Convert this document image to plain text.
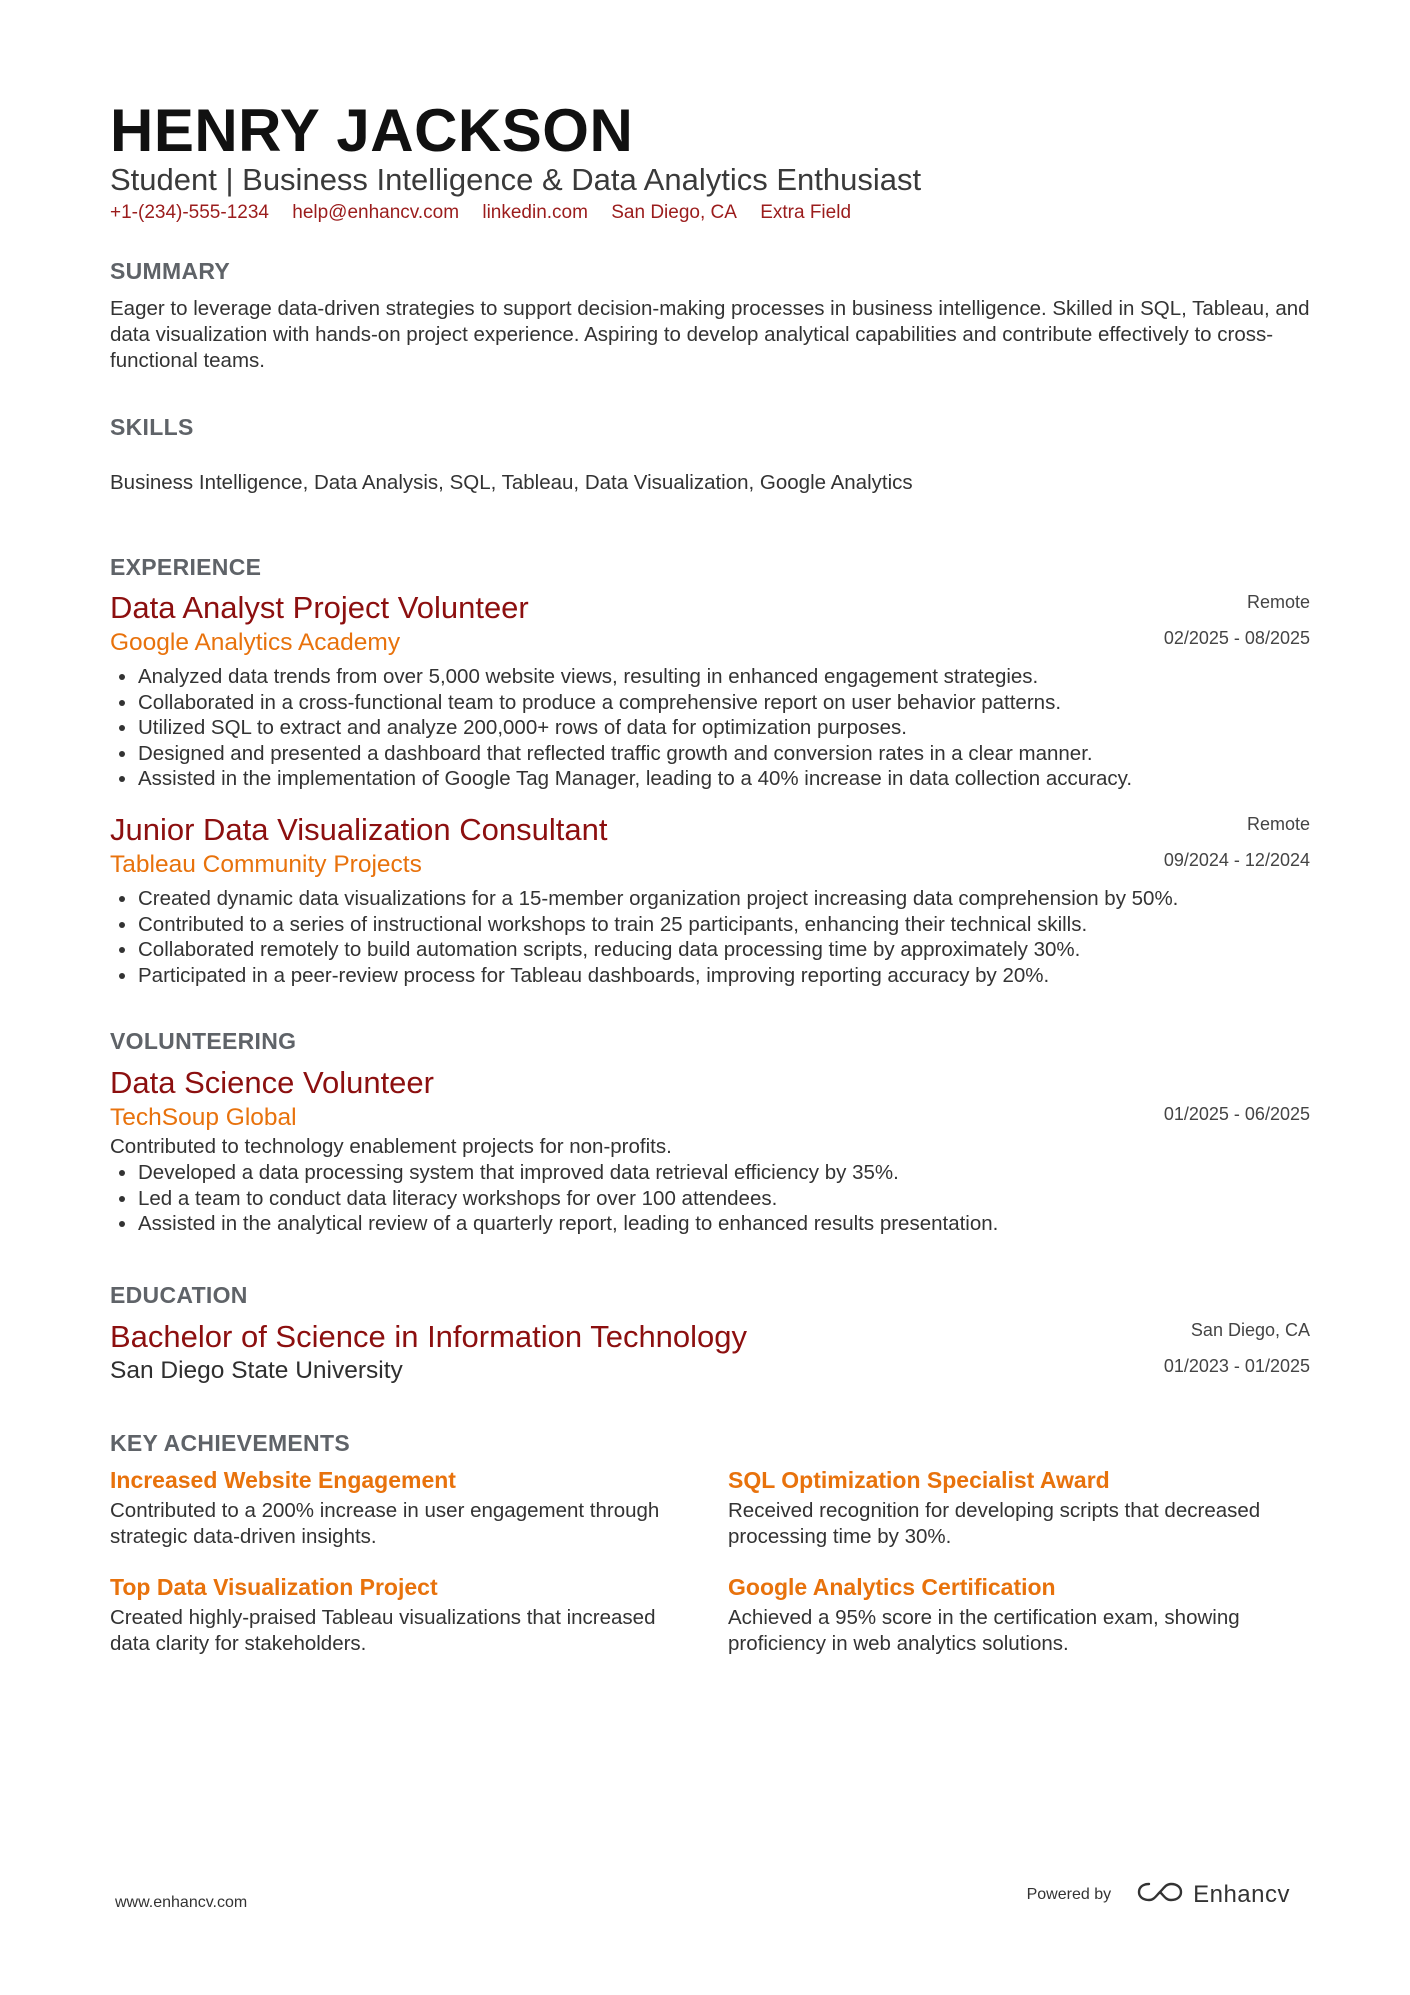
HENRY JACKSON
Student | Business Intelligence & Data Analytics Enthusiast
+1-(234)-555-1234 help@enhancv.com linkedin.com San Diego, CA Extra Field
SUMMARY
Eager to leverage data-driven strategies to support decision-making processes in business intelligence. Skilled in SQL, Tableau, and data visualization with hands-on project experience. Aspiring to develop analytical capabilities and contribute effectively to cross-functional teams.
SKILLS
Business Intelligence, Data Analysis, SQL, Tableau, Data Visualization, Google Analytics
EXPERIENCE
Data Analyst Project Volunteer	Remote
Google Analytics Academy	02/2025 - 08/2025
• Analyzed data trends from over 5,000 website views, resulting in enhanced engagement strategies.
• Collaborated in a cross-functional team to produce a comprehensive report on user behavior patterns.
• Utilized SQL to extract and analyze 200,000+ rows of data for optimization purposes.
• Designed and presented a dashboard that reflected traffic growth and conversion rates in a clear manner.
• Assisted in the implementation of Google Tag Manager, leading to a 40% increase in data collection accuracy.
Junior Data Visualization Consultant	Remote
Tableau Community Projects	09/2024 - 12/2024
• Created dynamic data visualizations for a 15-member organization project increasing data comprehension by 50%.
• Contributed to a series of instructional workshops to train 25 participants, enhancing their technical skills.
• Collaborated remotely to build automation scripts, reducing data processing time by approximately 30%.
• Participated in a peer-review process for Tableau dashboards, improving reporting accuracy by 20%.
VOLUNTEERING
Data Science Volunteer
TechSoup Global	01/2025 - 06/2025
Contributed to technology enablement projects for non-profits.
• Developed a data processing system that improved data retrieval efficiency by 35%.
• Led a team to conduct data literacy workshops for over 100 attendees.
• Assisted in the analytical review of a quarterly report, leading to enhanced results presentation.
EDUCATION
Bachelor of Science in Information Technology	San Diego, CA
San Diego State University	01/2023 - 01/2025
KEY ACHIEVEMENTS
Increased Website Engagement
Contributed to a 200% increase in user engagement through strategic data-driven insights.
SQL Optimization Specialist Award
Received recognition for developing scripts that decreased processing time by 30%.
Top Data Visualization Project
Created highly-praised Tableau visualizations that increased data clarity for stakeholders.
Google Analytics Certification
Achieved a 95% score in the certification exam, showing proficiency in web analytics solutions.
www.enhancv.com	Powered by	Enhancv
